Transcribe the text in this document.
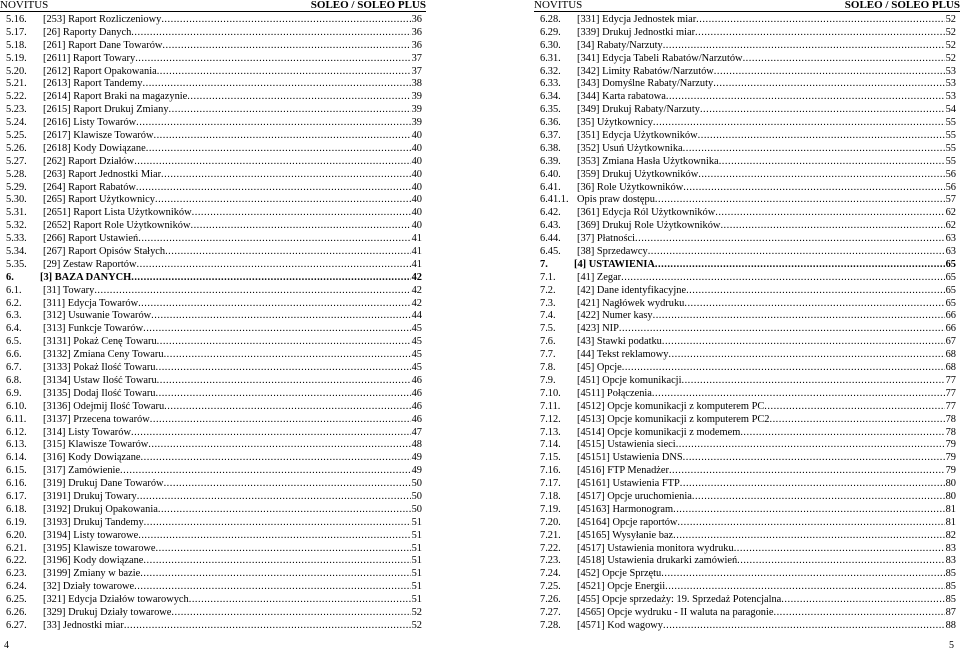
NOVITUS	SOLEO / SOLEO PLUS
5.16.	[253] Raport Rozliczeniowy .....	36
5.17.	[26] Raporty Danych .....	36
5.18.	[261] Raport Dane Towarów .....	36
5.19.	[2611] Raport Towary .....	37
5.20.	[2612] Raport Opakowania .....	37
5.21.	[2613] Raport Tandemy .....	38
5.22.	[2614] Raport Braki na magazynie .....	39
5.23.	[2615] Raport Drukuj Zmiany .....	39
5.24.	[2616] Listy Towarów .....	39
5.25.	[2617] Klawisze Towarów .....	40
5.26.	[2618] Kody Dowiązane .....	40
5.27.	[262] Raport Działów .....	40
5.28.	[263] Raport Jednostki Miar .....	40
5.29.	[264] Raport Rabatów .....	40
5.30.	[265] Raport Użytkownicy .....	40
5.31.	[2651] Raport Lista Użytkowników .....	40
5.32.	[2652] Raport Role Użytkowników .....	40
5.33.	[266] Raport Ustawień .....	41
5.34.	[267] Raport Opisów Stałych .....	41
5.35.	[29] Zestaw Raportów .....	41
6.	[3] BAZA DANYCH .....	42
6.1.	[31] Towary .....	42
6.2.	[311] Edycja Towarów .....	42
6.3.	[312] Usuwanie Towarów .....	44
6.4.	[313] Funkcje Towarów .....	45
6.5.	[3131] Pokaż Cenę Towaru .....	45
6.6.	[3132] Zmiana Ceny Towaru .....	45
6.7.	[3133] Pokaż Ilość Towaru .....	45
6.8.	[3134] Ustaw Ilość Towaru .....	46
6.9.	[3135] Dodaj Ilość Towaru .....	46
6.10.	[3136] Odejmij Ilość Towaru .....	46
6.11.	[3137] Przecena towarów .....	46
6.12.	[314] Listy Towarów .....	47
6.13.	[315] Klawisze Towarów .....	48
6.14.	[316] Kody Dowiązane .....	49
6.15.	[317] Zamówienie .....	49
6.16.	[319] Drukuj Dane Towarów .....	50
6.17.	[3191] Drukuj Towary .....	50
6.18.	[3192] Drukuj Opakowania .....	50
6.19.	[3193] Drukuj Tandemy .....	51
6.20.	[3194] Listy towarowe .....	51
6.21.	[3195] Klawisze towarowe .....	51
6.22.	[3196] Kody dowiązane .....	51
6.23.	[3199] Zmiany w bazie .....	51
6.24.	[32] Działy towarowe .....	51
6.25.	[321] Edycja Działów towarowych .....	51
6.26.	[329] Drukuj Działy towarowe .....	52
6.27.	[33] Jednostki miar .....	52
4
NOVITUS	SOLEO / SOLEO PLUS
6.28.	[331] Edycja Jednostek miar .....	52
6.29.	[339] Drukuj Jednostki miar .....	52
6.30.	[34] Rabaty/Narzuty .....	52
6.31.	[341] Edycja Tabeli Rabatów/Narzutów .....	52
6.32.	[342] Limity Rabatów/Narzutów .....	53
6.33.	[343] Domyślne Rabaty/Narzuty .....	53
6.34.	[344] Karta rabatowa .....	53
6.35.	[349] Drukuj Rabaty/Narzuty .....	54
6.36.	[35] Użytkownicy .....	55
6.37.	[351] Edycja Użytkowników .....	55
6.38.	[352] Usuń Użytkownika .....	55
6.39.	[353] Zmiana Hasła Użytkownika .....	55
6.40.	[359] Drukuj Użytkowników .....	56
6.41.	[36] Role Użytkowników .....	56
6.41.1. Opis praw dostępu .....	57
6.42.	[361] Edycja Ról Użytkowników .....	62
6.43.	[369] Drukuj Role Użytkowników .....	62
6.44.	[37] Płatności .....	63
6.45.	[38] Sprzedawcy .....	63
7.	[4] USTAWIENIA .....	65
7.1.	[41] Zegar .....	65
7.2.	[42] Dane identyfikacyjne .....	65
7.3.	[421] Nagłówek wydruku .....	65
7.4.	[422] Numer kasy .....	66
7.5.	[423] NIP .....	66
7.6.	[43] Stawki podatku .....	67
7.7.	[44] Tekst reklamowy .....	68
7.8.	[45] Opcje .....	68
7.9.	[451] Opcje komunikacji .....	77
7.10.	[4511] Połączenia .....	77
7.11.	[4512] Opcje komunikacji z komputerem PC .....	77
7.12.	[4513] Opcje komunikacji z komputerem PC2 .....	78
7.13.	[4514] Opcje komunikacji z modemem .....	78
7.14.	[4515] Ustawienia sieci .....	79
7.15.	[45151] Ustawienia DNS .....	79
7.16.	[4516] FTP Menadżer .....	79
7.17.	[45161] Ustawienia FTP .....	80
7.18.	[4517] Opcje uruchomienia .....	80
7.19.	[45163] Harmonogram .....	81
7.20.	[45164] Opcje raportów .....	81
7.21.	[45165] Wysyłanie baz .....	82
7.22.	[4517] Ustawienia monitora wydruku .....	83
7.23.	[4518] Ustawienia drukarki zamówień .....	83
7.24.	[452] Opcje Sprzętu .....	85
7.25.	[4521] Opcje Energii .....	85
7.26.	[455] Opcje sprzedaży: 19. Sprzedaż Potencjalna .....	85
7.27.	[4565] Opcje wydruku - II waluta na paragonie .....	87
7.28.	[4571] Kod wagowy .....	88
5
